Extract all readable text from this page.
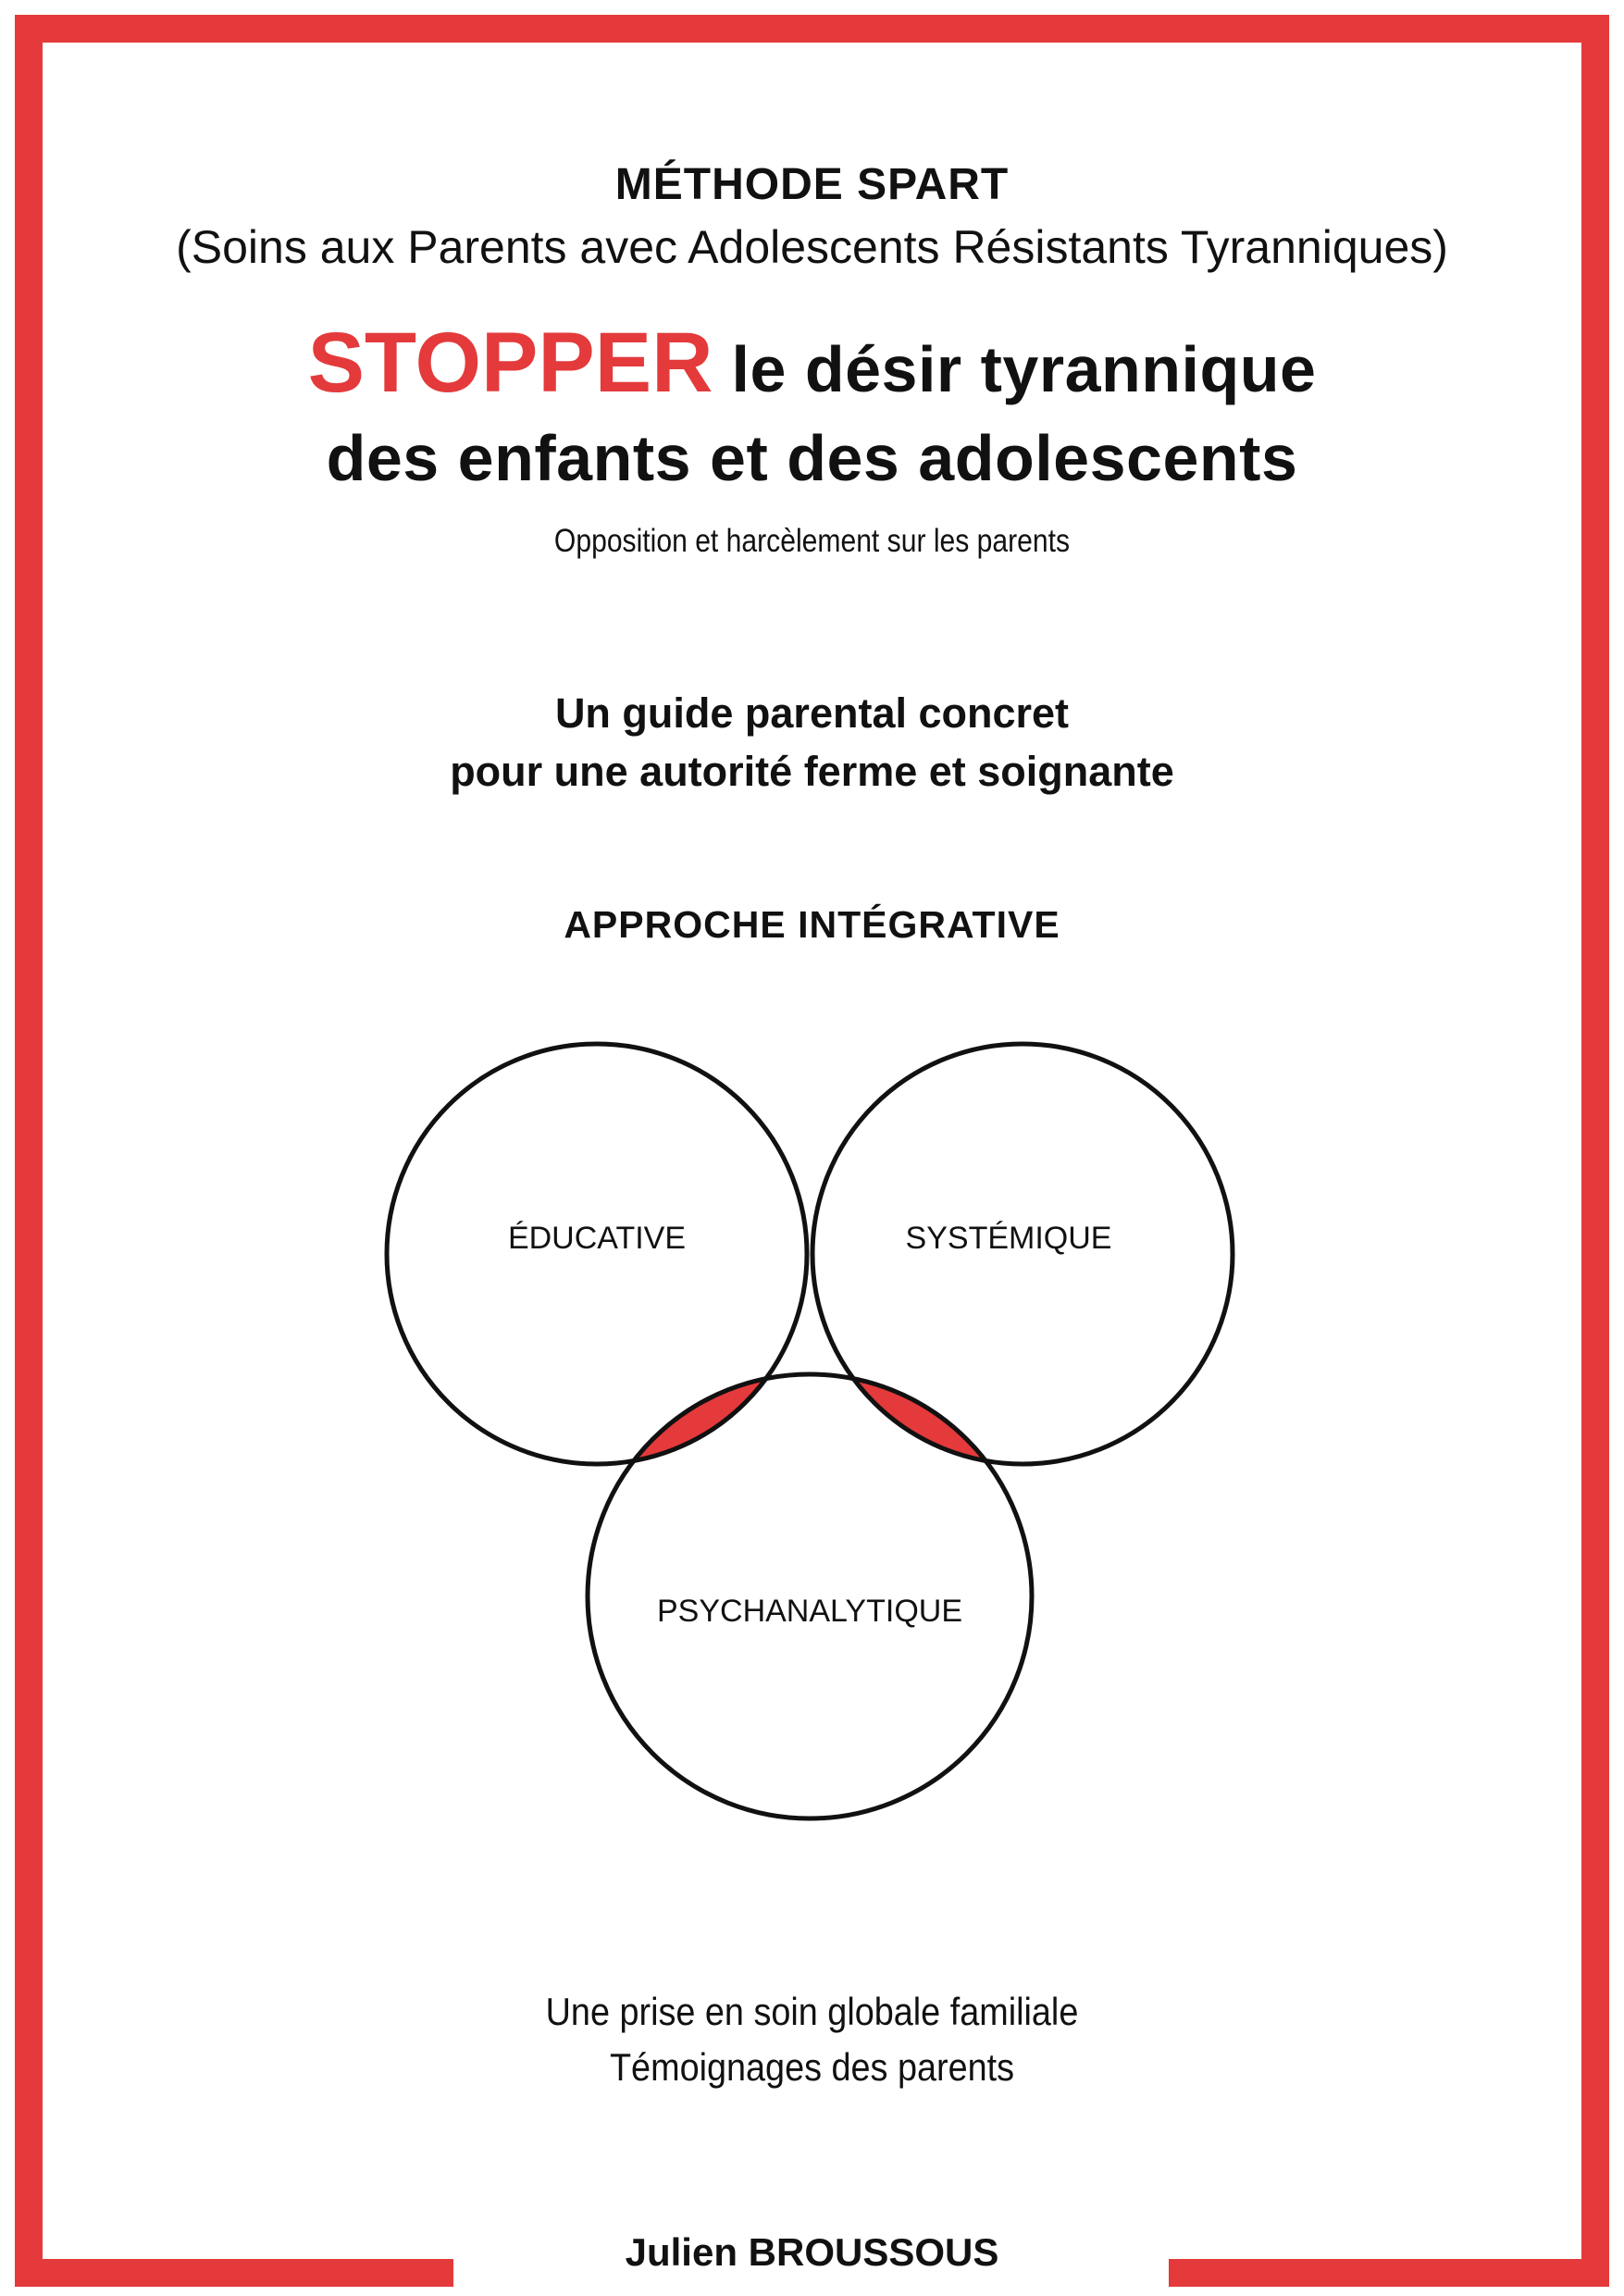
MÉTHODE SPART
(Soins aux Parents avec Adolescents Résistants Tyranniques)
STOPPER le désir tyrannique
des enfants et des adolescents
Opposition et harcèlement sur les parents
Un guide parental concret
pour une autorité ferme et soignante
APPROCHE INTÉGRATIVE
ÉDUCATIVE	SYSTÉMIQUE
PSYCHANALYTIQUE
Une prise en soin globale familiale
Témoignages des parents
Julien BROUSSOUS
